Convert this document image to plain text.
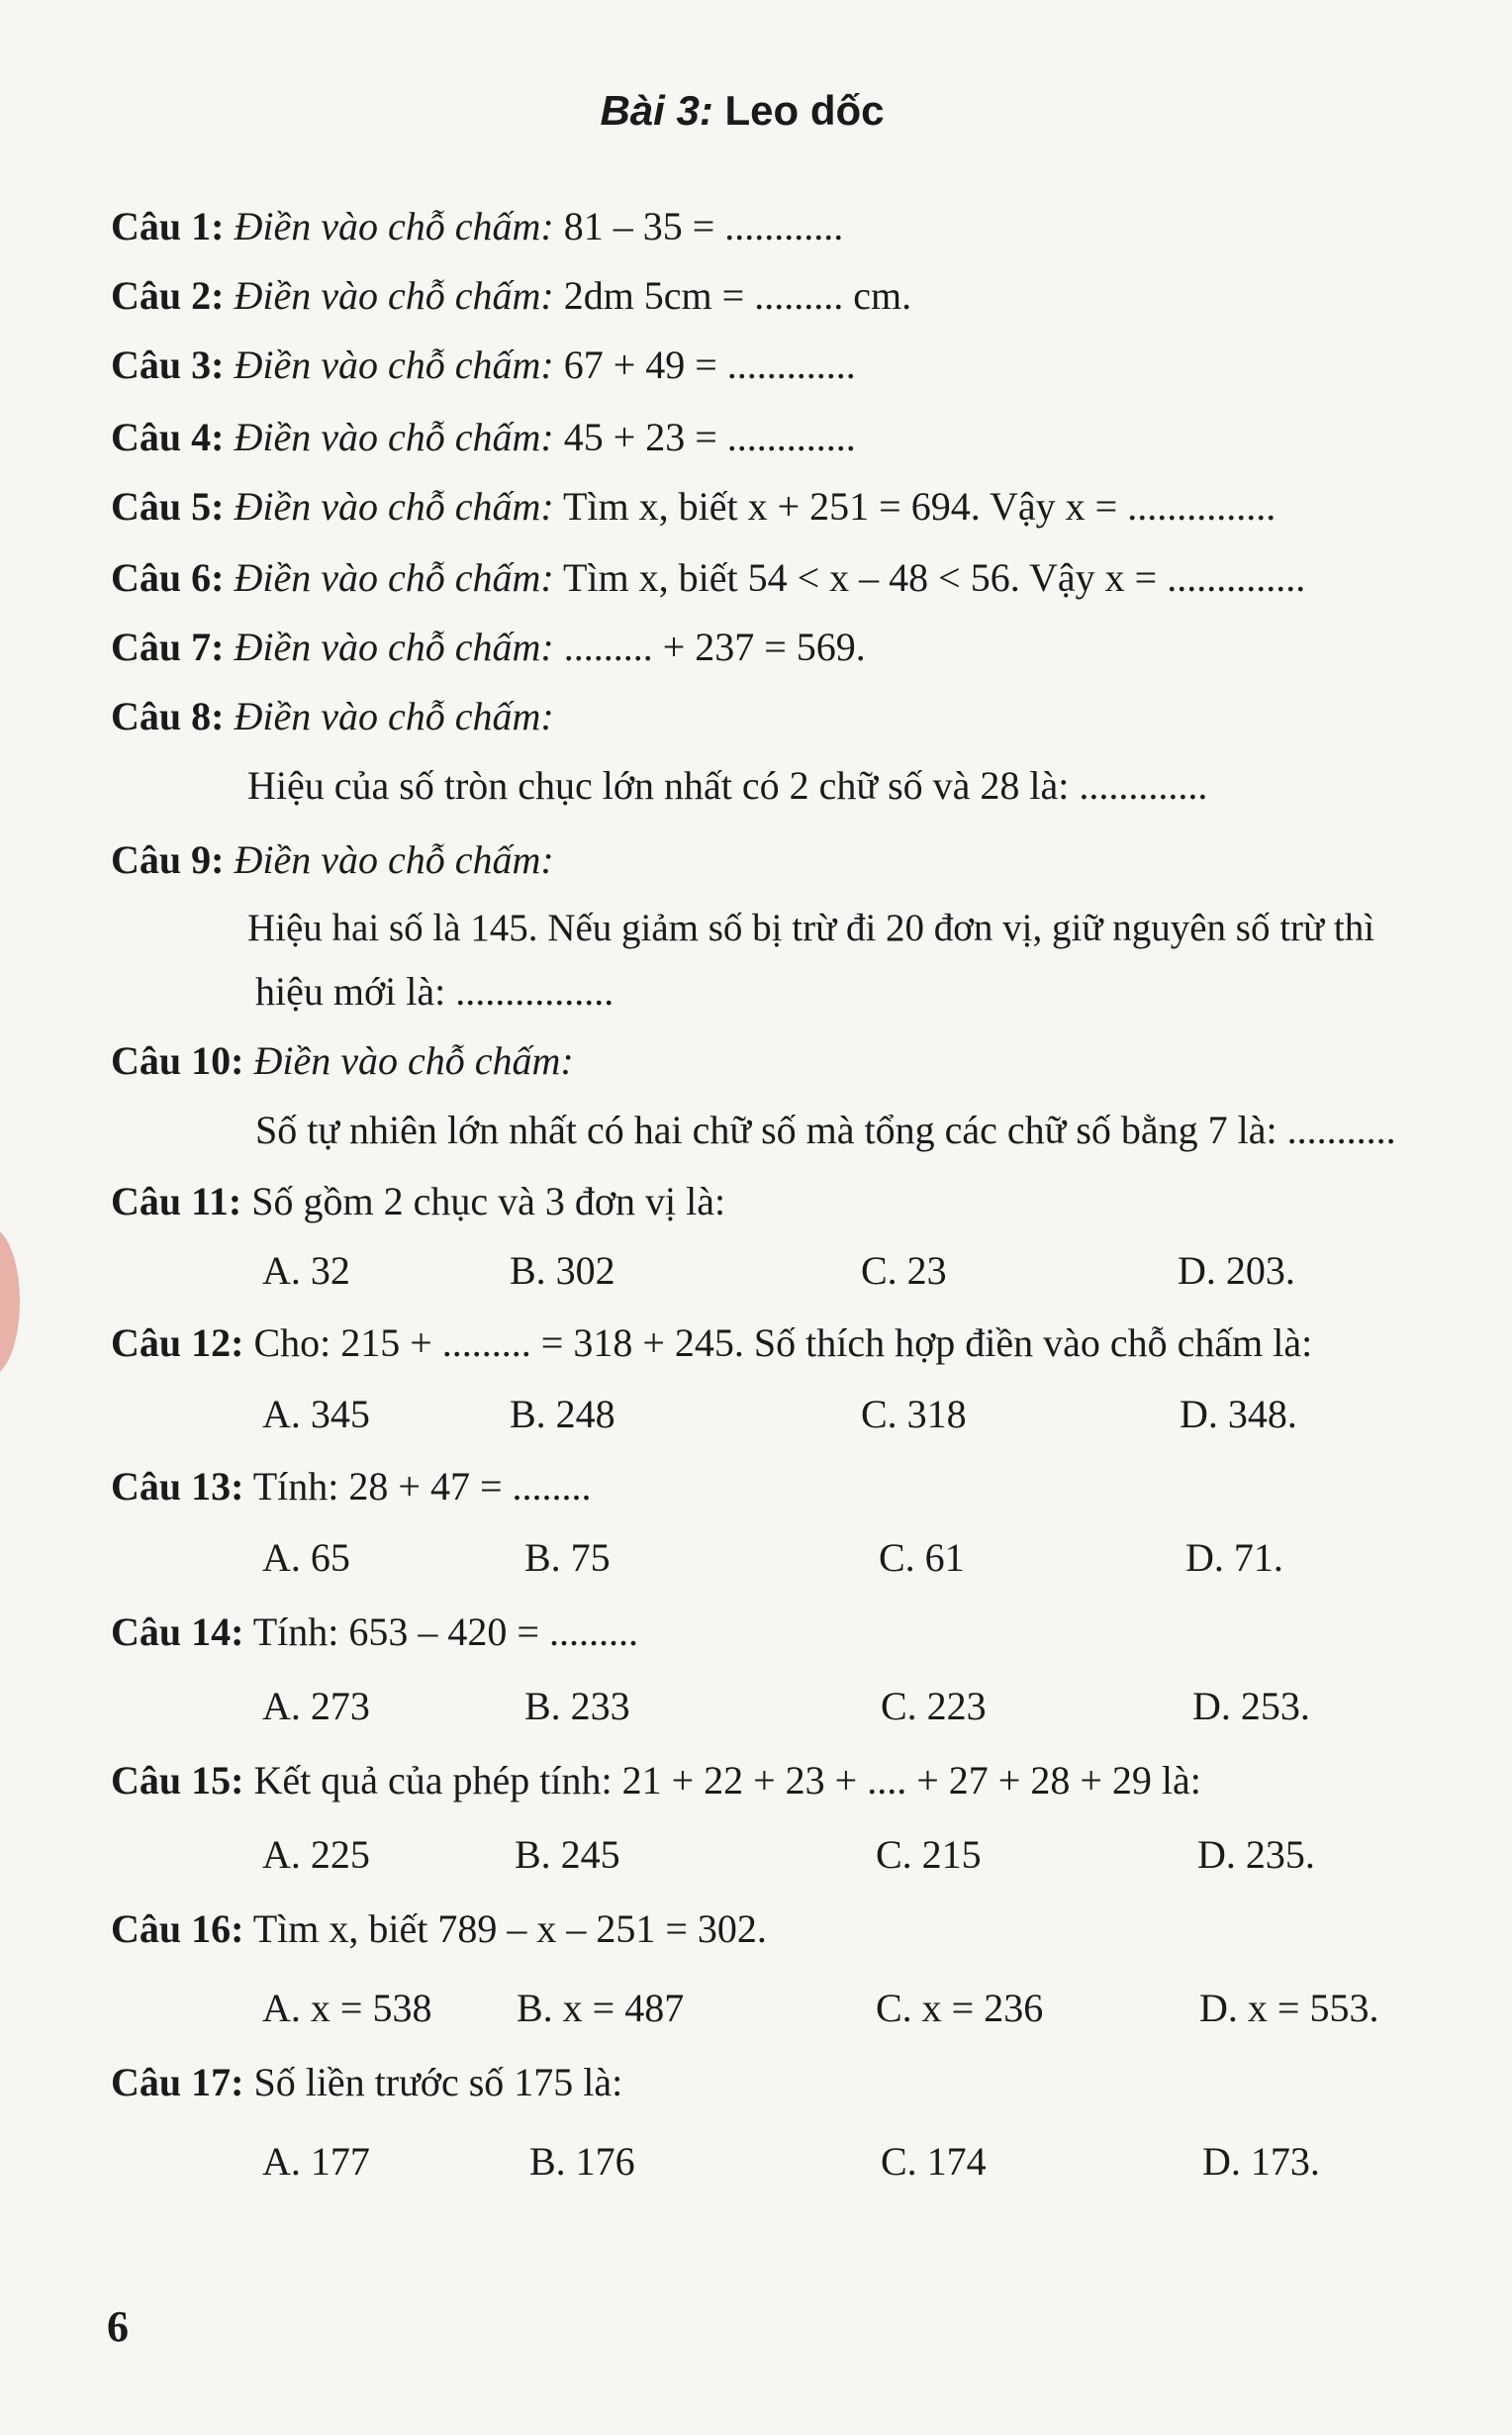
Bài 3: Leo dốc
Câu 1: Điền vào chỗ chấm: 81 – 35 = ............
Câu 2: Điền vào chỗ chấm: 2dm 5cm = ......... cm.
Câu 3: Điền vào chỗ chấm: 67 + 49 = .............
Câu 4: Điền vào chỗ chấm: 45 + 23 = .............
Câu 5: Điền vào chỗ chấm: Tìm x, biết x + 251 = 694. Vậy x = ...............
Câu 6: Điền vào chỗ chấm: Tìm x, biết 54 < x – 48 < 56. Vậy x = ..............
Câu 7: Điền vào chỗ chấm: ......... + 237 = 569.
Câu 8: Điền vào chỗ chấm:
Hiệu của số tròn chục lớn nhất có 2 chữ số và 28 là: .............
Câu 9: Điền vào chỗ chấm:
Hiệu hai số là 145. Nếu giảm số bị trừ đi 20 đơn vị, giữ nguyên số trừ thì
hiệu mới là: ................
Câu 10: Điền vào chỗ chấm:
Số tự nhiên lớn nhất có hai chữ số mà tổng các chữ số bằng 7 là: ...........
Câu 11: Số gồm 2 chục và 3 đơn vị là:
A. 32	B. 302	C. 23	D. 203.
Câu 12: Cho: 215 + ......... = 318 + 245. Số thích hợp điền vào chỗ chấm là:
A. 345	B. 248	C. 318	D. 348.
Câu 13: Tính: 28 + 47 = ........
A. 65	B. 75	C. 61	D. 71.
Câu 14: Tính: 653 – 420 = .........
A. 273	B. 233	C. 223	D. 253.
Câu 15: Kết quả của phép tính: 21 + 22 + 23 + .... + 27 + 28 + 29 là:
A. 225	B. 245	C. 215	D. 235.
Câu 16: Tìm x, biết 789 – x – 251 = 302.
A. x = 538 B. x = 487	C. x = 236	D. x = 553.
Câu 17: Số liền trước số 175 là:
A. 177	B. 176	C. 174	D. 173.
6
